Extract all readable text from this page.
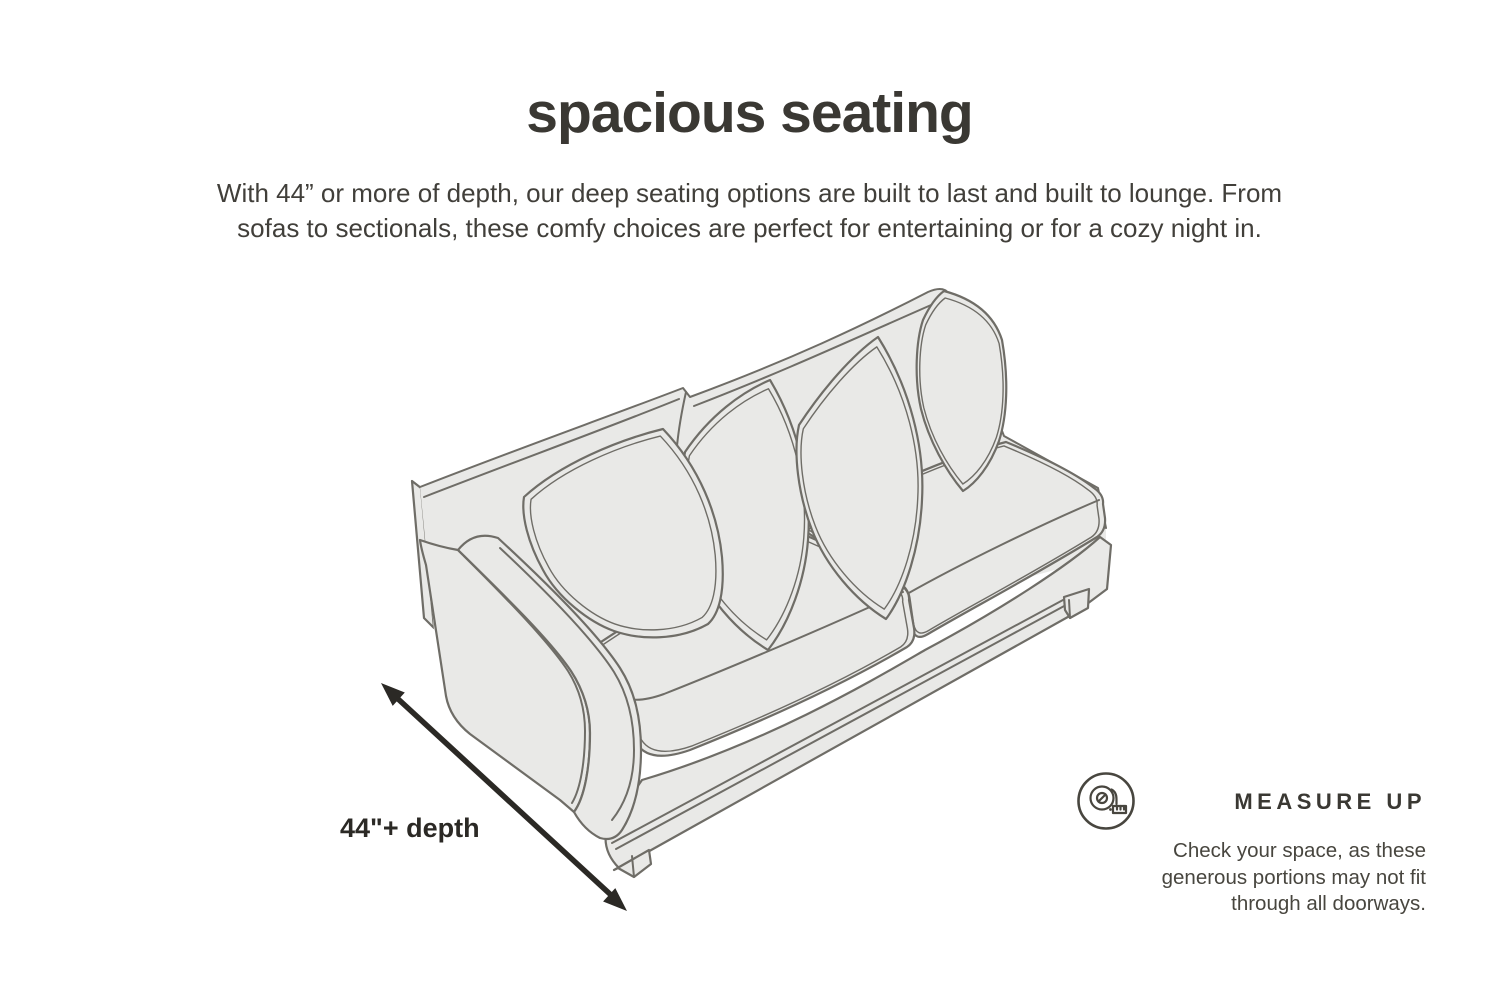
spacious seating

With 44” or more of depth, our deep seating options are built to last and built to lounge. From
sofas to sectionals, these comfy choices are perfect for entertaining or for a cozy night in.

44"+ depth
MEASURE UP
Check your space, as these
generous portions may not fit
through all doorways.
